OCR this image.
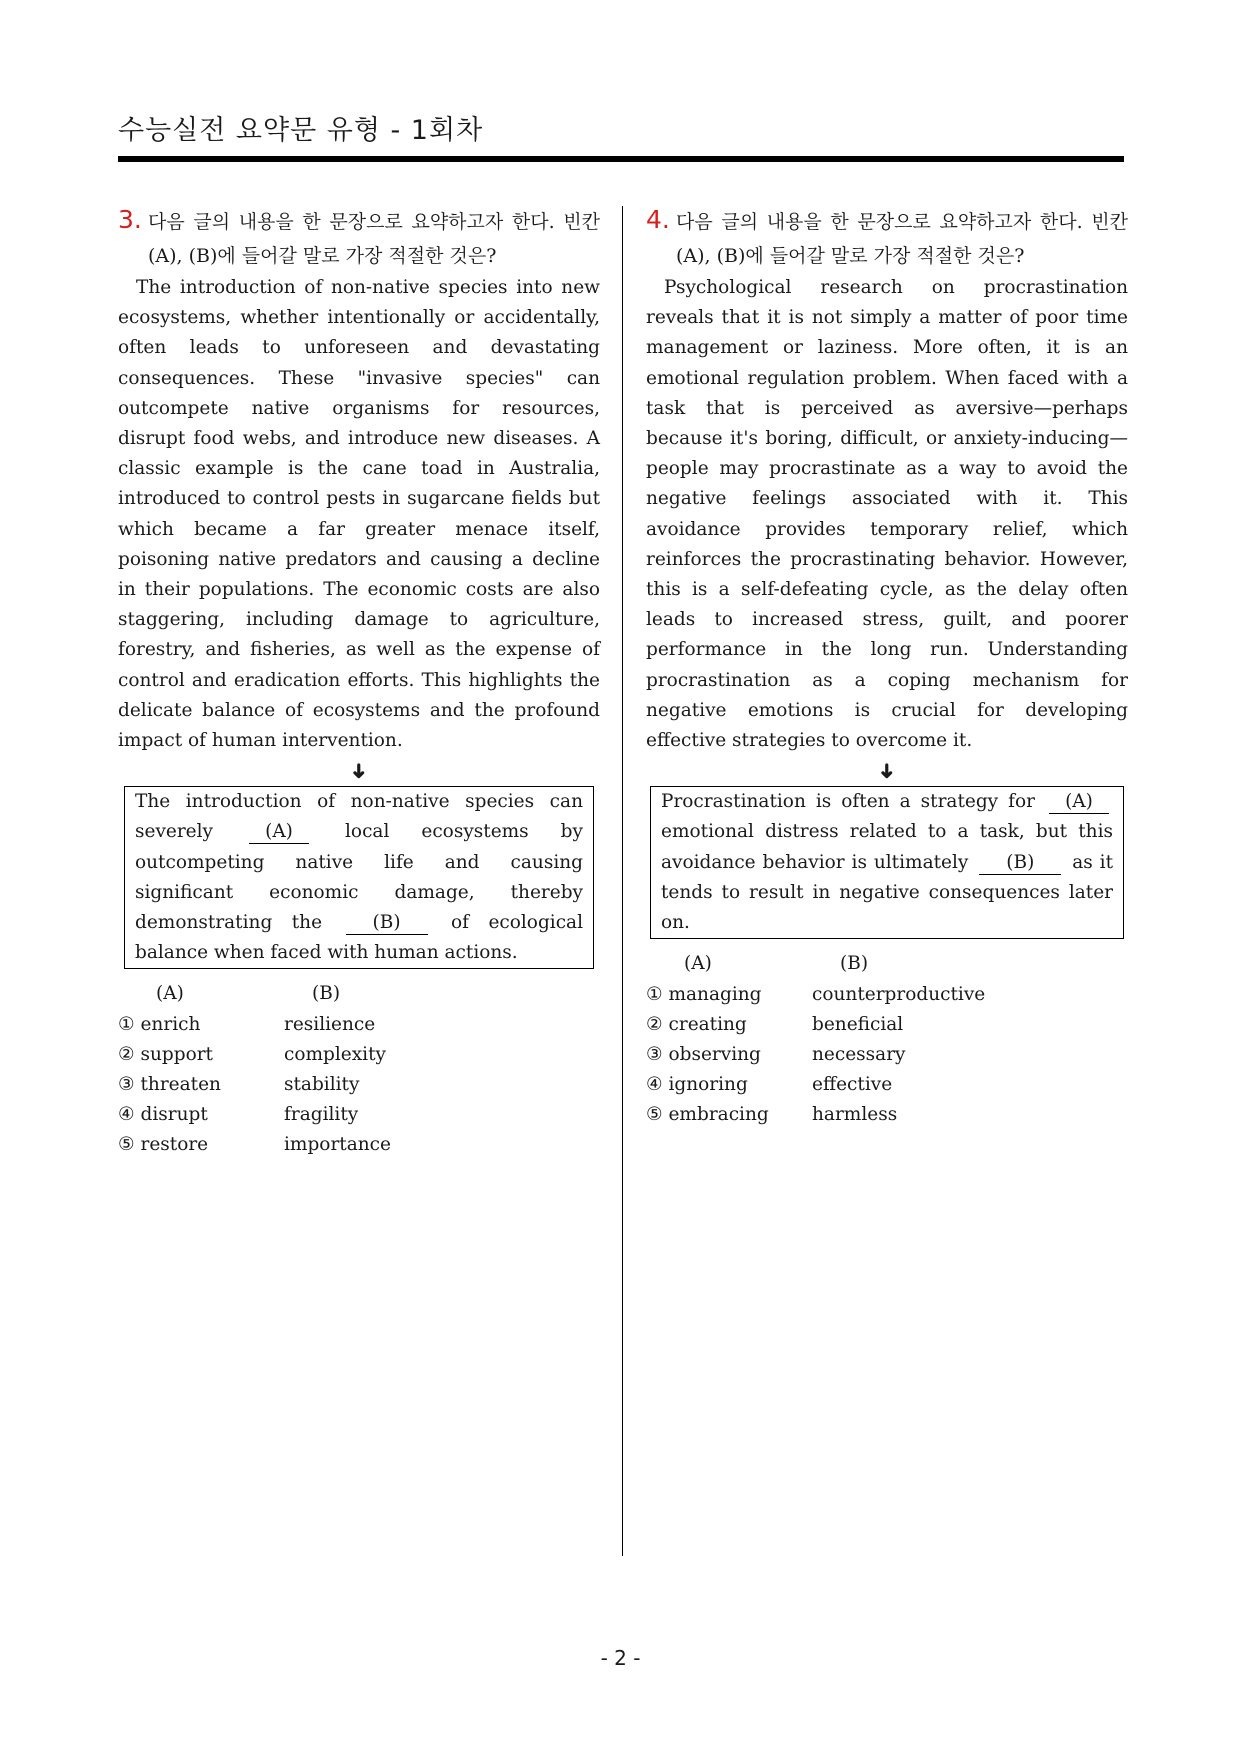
수능실전 요약문 유형 - 1회차
3. 다음 글의 내용을 한 문장으로 요약하고자 한다. 빈칸
(A), (B)에 들어갈 말로 가장 적절한 것은?
The introduction of non-native species into new ecosystems, whether intentionally or accidentally, often leads to unforeseen and devastating consequences. These "invasive species" can outcompete native organisms for resources, disrupt food webs, and introduce new diseases. A classic example is the cane toad in Australia, introduced to control pests in sugarcane fields but which became a far greater menace itself, poisoning native predators and causing a decline in their populations. The economic costs are also staggering, including damage to agriculture, forestry, and fisheries, as well as the expense of control and eradication efforts. This highlights the delicate balance of ecosystems and the profound impact of human intervention.
➜
The introduction of non-native species can severely	(A)	local ecosystems by outcompeting native life and causing significant economic damage, thereby demonstrating the	(B)	of ecological balance when faced with human actions.
(A)	(B)
① enrich	resilience
② support	complexity
③ threaten	stability
④ disrupt	fragility
⑤ restore	importance
4. 다음 글의 내용을 한 문장으로 요약하고자 한다. 빈칸
(A), (B)에 들어갈 말로 가장 적절한 것은?
Psychological research on procrastination reveals that it is not simply a matter of poor time management or laziness. More often, it is an emotional regulation problem. When faced with a task that is perceived as aversive—perhaps because it's boring, difficult, or anxiety-inducing—people may procrastinate as a way to avoid the negative feelings associated with it. This avoidance provides temporary relief, which reinforces the procrastinating behavior. However, this is a self-defeating cycle, as the delay often leads to increased stress, guilt, and poorer performance in the long run. Understanding procrastination as a coping mechanism for negative emotions is crucial for developing effective strategies to overcome it.
➜
Procrastination is often a strategy for (A) emotional distress related to a task, but this avoidance behavior is ultimately (B) as it tends to result in negative consequences later on.
(A)	(B)
① managing	counterproductive
② creating	beneficial
③ observing	necessary
④ ignoring	effective
⑤ embracing	harmless
- 2 -
